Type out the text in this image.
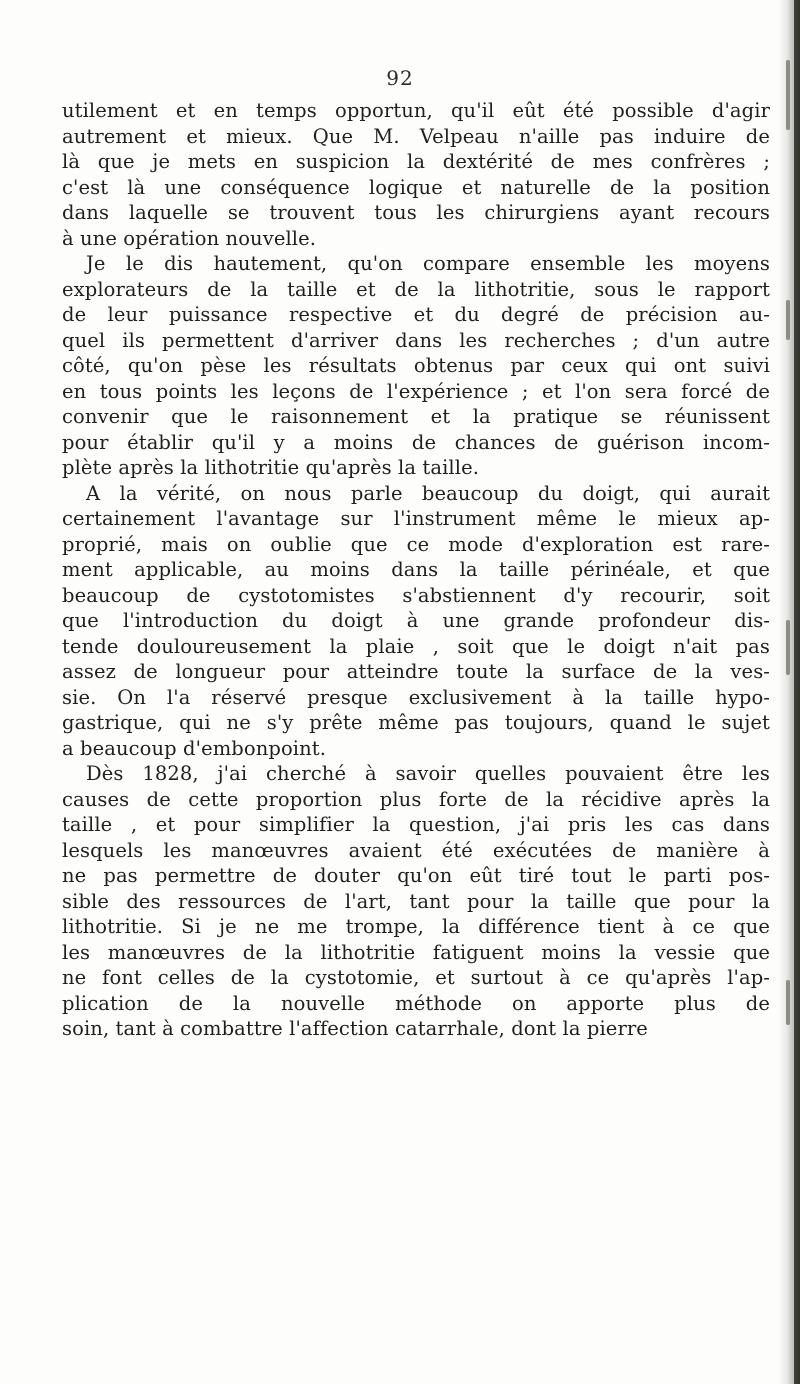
92
utilement et en temps opportun, qu'il eût été possible d'agir
autrement et mieux. Que M. Velpeau n'aille pas induire de
là que je mets en suspicion la dextérité de mes confrères ;
c'est là une conséquence logique et naturelle de la position
dans laquelle se trouvent tous les chirurgiens ayant recours
à une opération nouvelle.
Je le dis hautement, qu'on compare ensemble les moyens
explorateurs de la taille et de la lithotritie, sous le rapport
de leur puissance respective et du degré de précision au-
quel ils permettent d'arriver dans les recherches ; d'un autre
côté, qu'on pèse les résultats obtenus par ceux qui ont suivi
en tous points les leçons de l'expérience ; et l'on sera forcé de
convenir que le raisonnement et la pratique se réunissent
pour établir qu'il y a moins de chances de guérison incom-
plète après la lithotritie qu'après la taille.
A la vérité, on nous parle beaucoup du doigt, qui aurait
certainement l'avantage sur l'instrument même le mieux ap-
proprié, mais on oublie que ce mode d'exploration est rare-
ment applicable, au moins dans la taille périnéale, et que
beaucoup de cystotomistes s'abstiennent d'y recourir, soit
que l'introduction du doigt à une grande profondeur dis-
tende douloureusement la plaie , soit que le doigt n'ait pas
assez de longueur pour atteindre toute la surface de la ves-
sie. On l'a réservé presque exclusivement à la taille hypo-
gastrique, qui ne s'y prête même pas toujours, quand le sujet
a beaucoup d'embonpoint.
Dès 1828, j'ai cherché à savoir quelles pouvaient être les
causes de cette proportion plus forte de la récidive après la
taille , et pour simplifier la question, j'ai pris les cas dans
lesquels les manœuvres avaient été exécutées de manière à
ne pas permettre de douter qu'on eût tiré tout le parti pos-
sible des ressources de l'art, tant pour la taille que pour la
lithotritie. Si je ne me trompe, la différence tient à ce que
les manœuvres de la lithotritie fatiguent moins la vessie que
ne font celles de la cystotomie, et surtout à ce qu'après l'ap-
plication de la nouvelle méthode on apporte plus de
soin, tant à combattre l'affection catarrhale, dont la pierre
